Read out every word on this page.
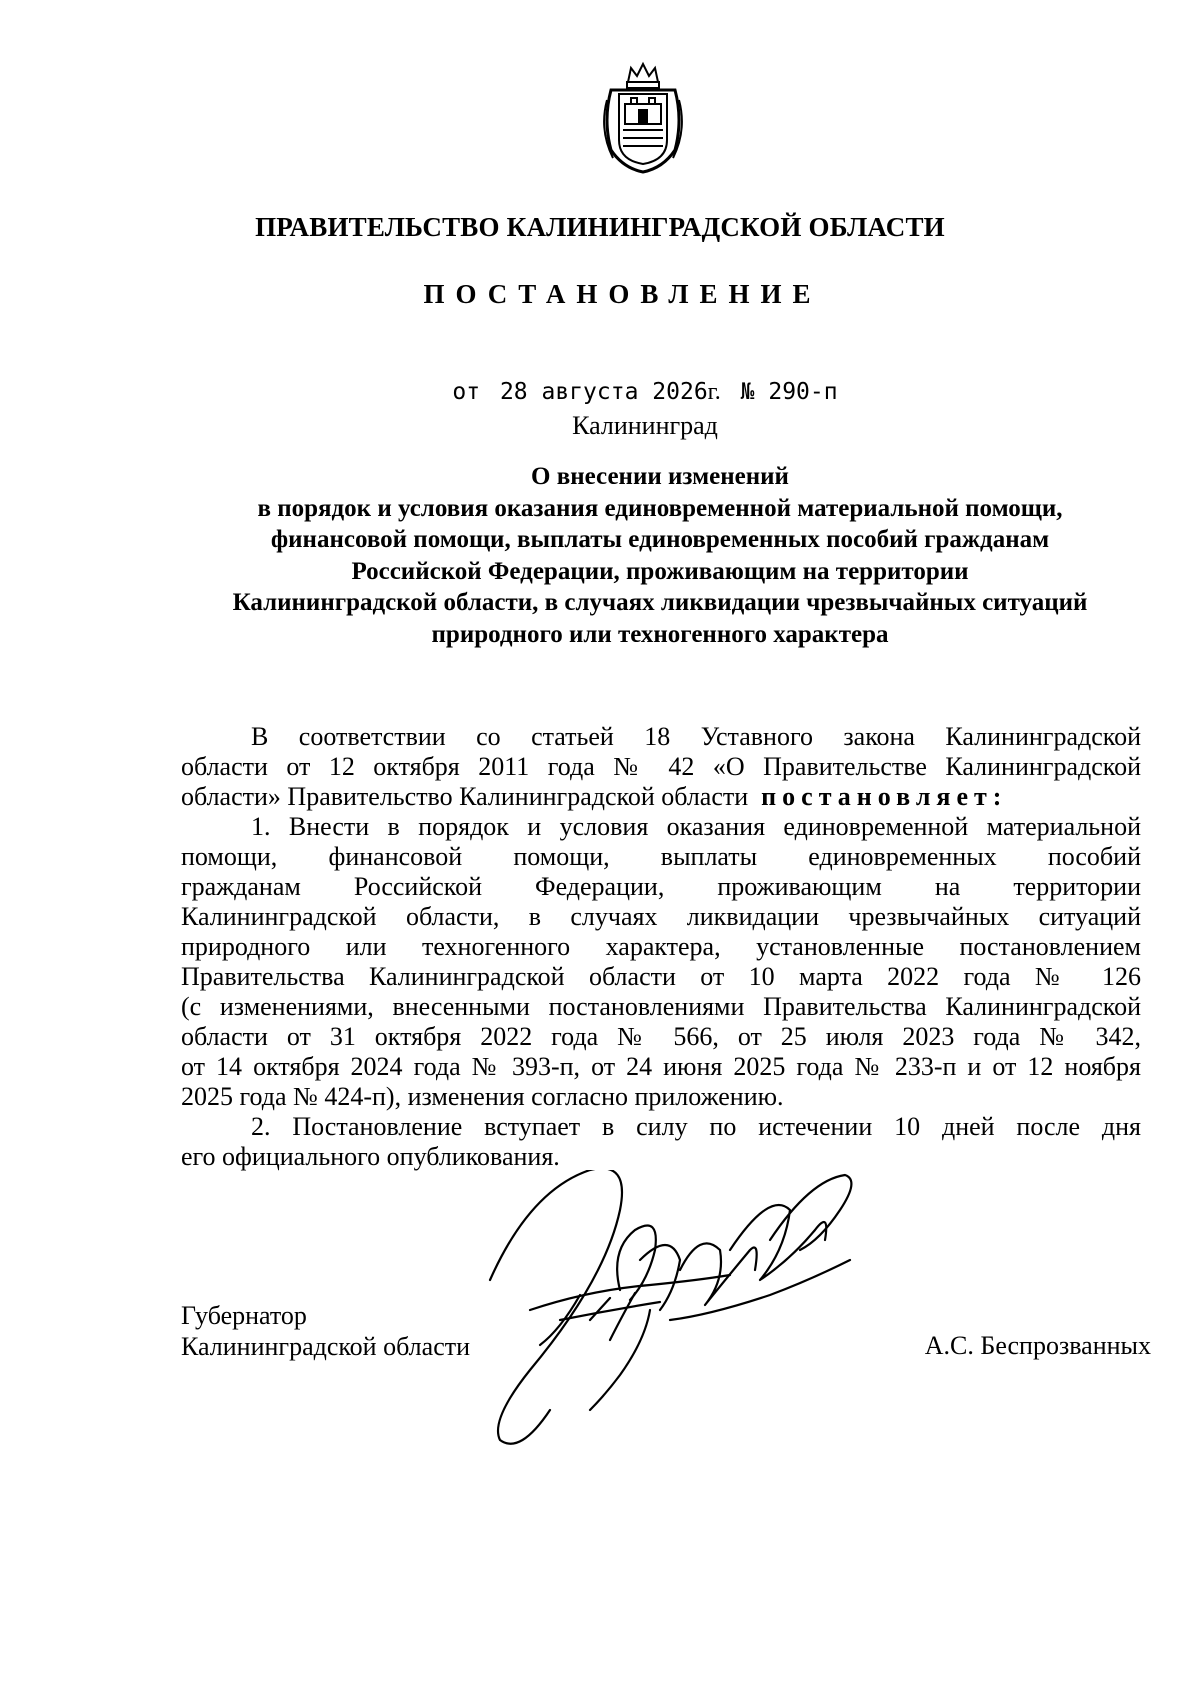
ПРАВИТЕЛЬСТВО КАЛИНИНГРАДСКОЙ ОБЛАСТИ
ПОСТАНОВЛЕНИЕ
от 28 августа 2026г. № 290-п
Калининград
О внесении изменений
в порядок и условия оказания единовременной материальной помощи,
финансовой помощи, выплаты единовременных пособий гражданам
Российской Федерации, проживающим на территории
Калининградской области, в случаях ликвидации чрезвычайных ситуаций
природного или техногенного характера
В соответствии со статьей 18 Уставного закона Калининградской
области от 12 октября 2011 года № 42 «О Правительстве Калининградской
области» Правительство Калининградской области постановляет:
1. Внести в порядок и условия оказания единовременной материальной
помощи, финансовой помощи, выплаты единовременных пособий
гражданам Российской Федерации, проживающим на территории
Калининградской области, в случаях ликвидации чрезвычайных ситуаций
природного или техногенного характера, установленные постановлением
Правительства Калининградской области от 10 марта 2022 года № 126
(с изменениями, внесенными постановлениями Правительства Калининградской
области от 31 октября 2022 года № 566, от 25 июля 2023 года № 342,
от 14 октября 2024 года № 393-п, от 24 июня 2025 года № 233-п и от 12 ноября
2025 года № 424-п), изменения согласно приложению.
2. Постановление вступает в силу по истечении 10 дней после дня
его официального опубликования.
Губернатор
Калининградской области	А.С. Беспрозванных
